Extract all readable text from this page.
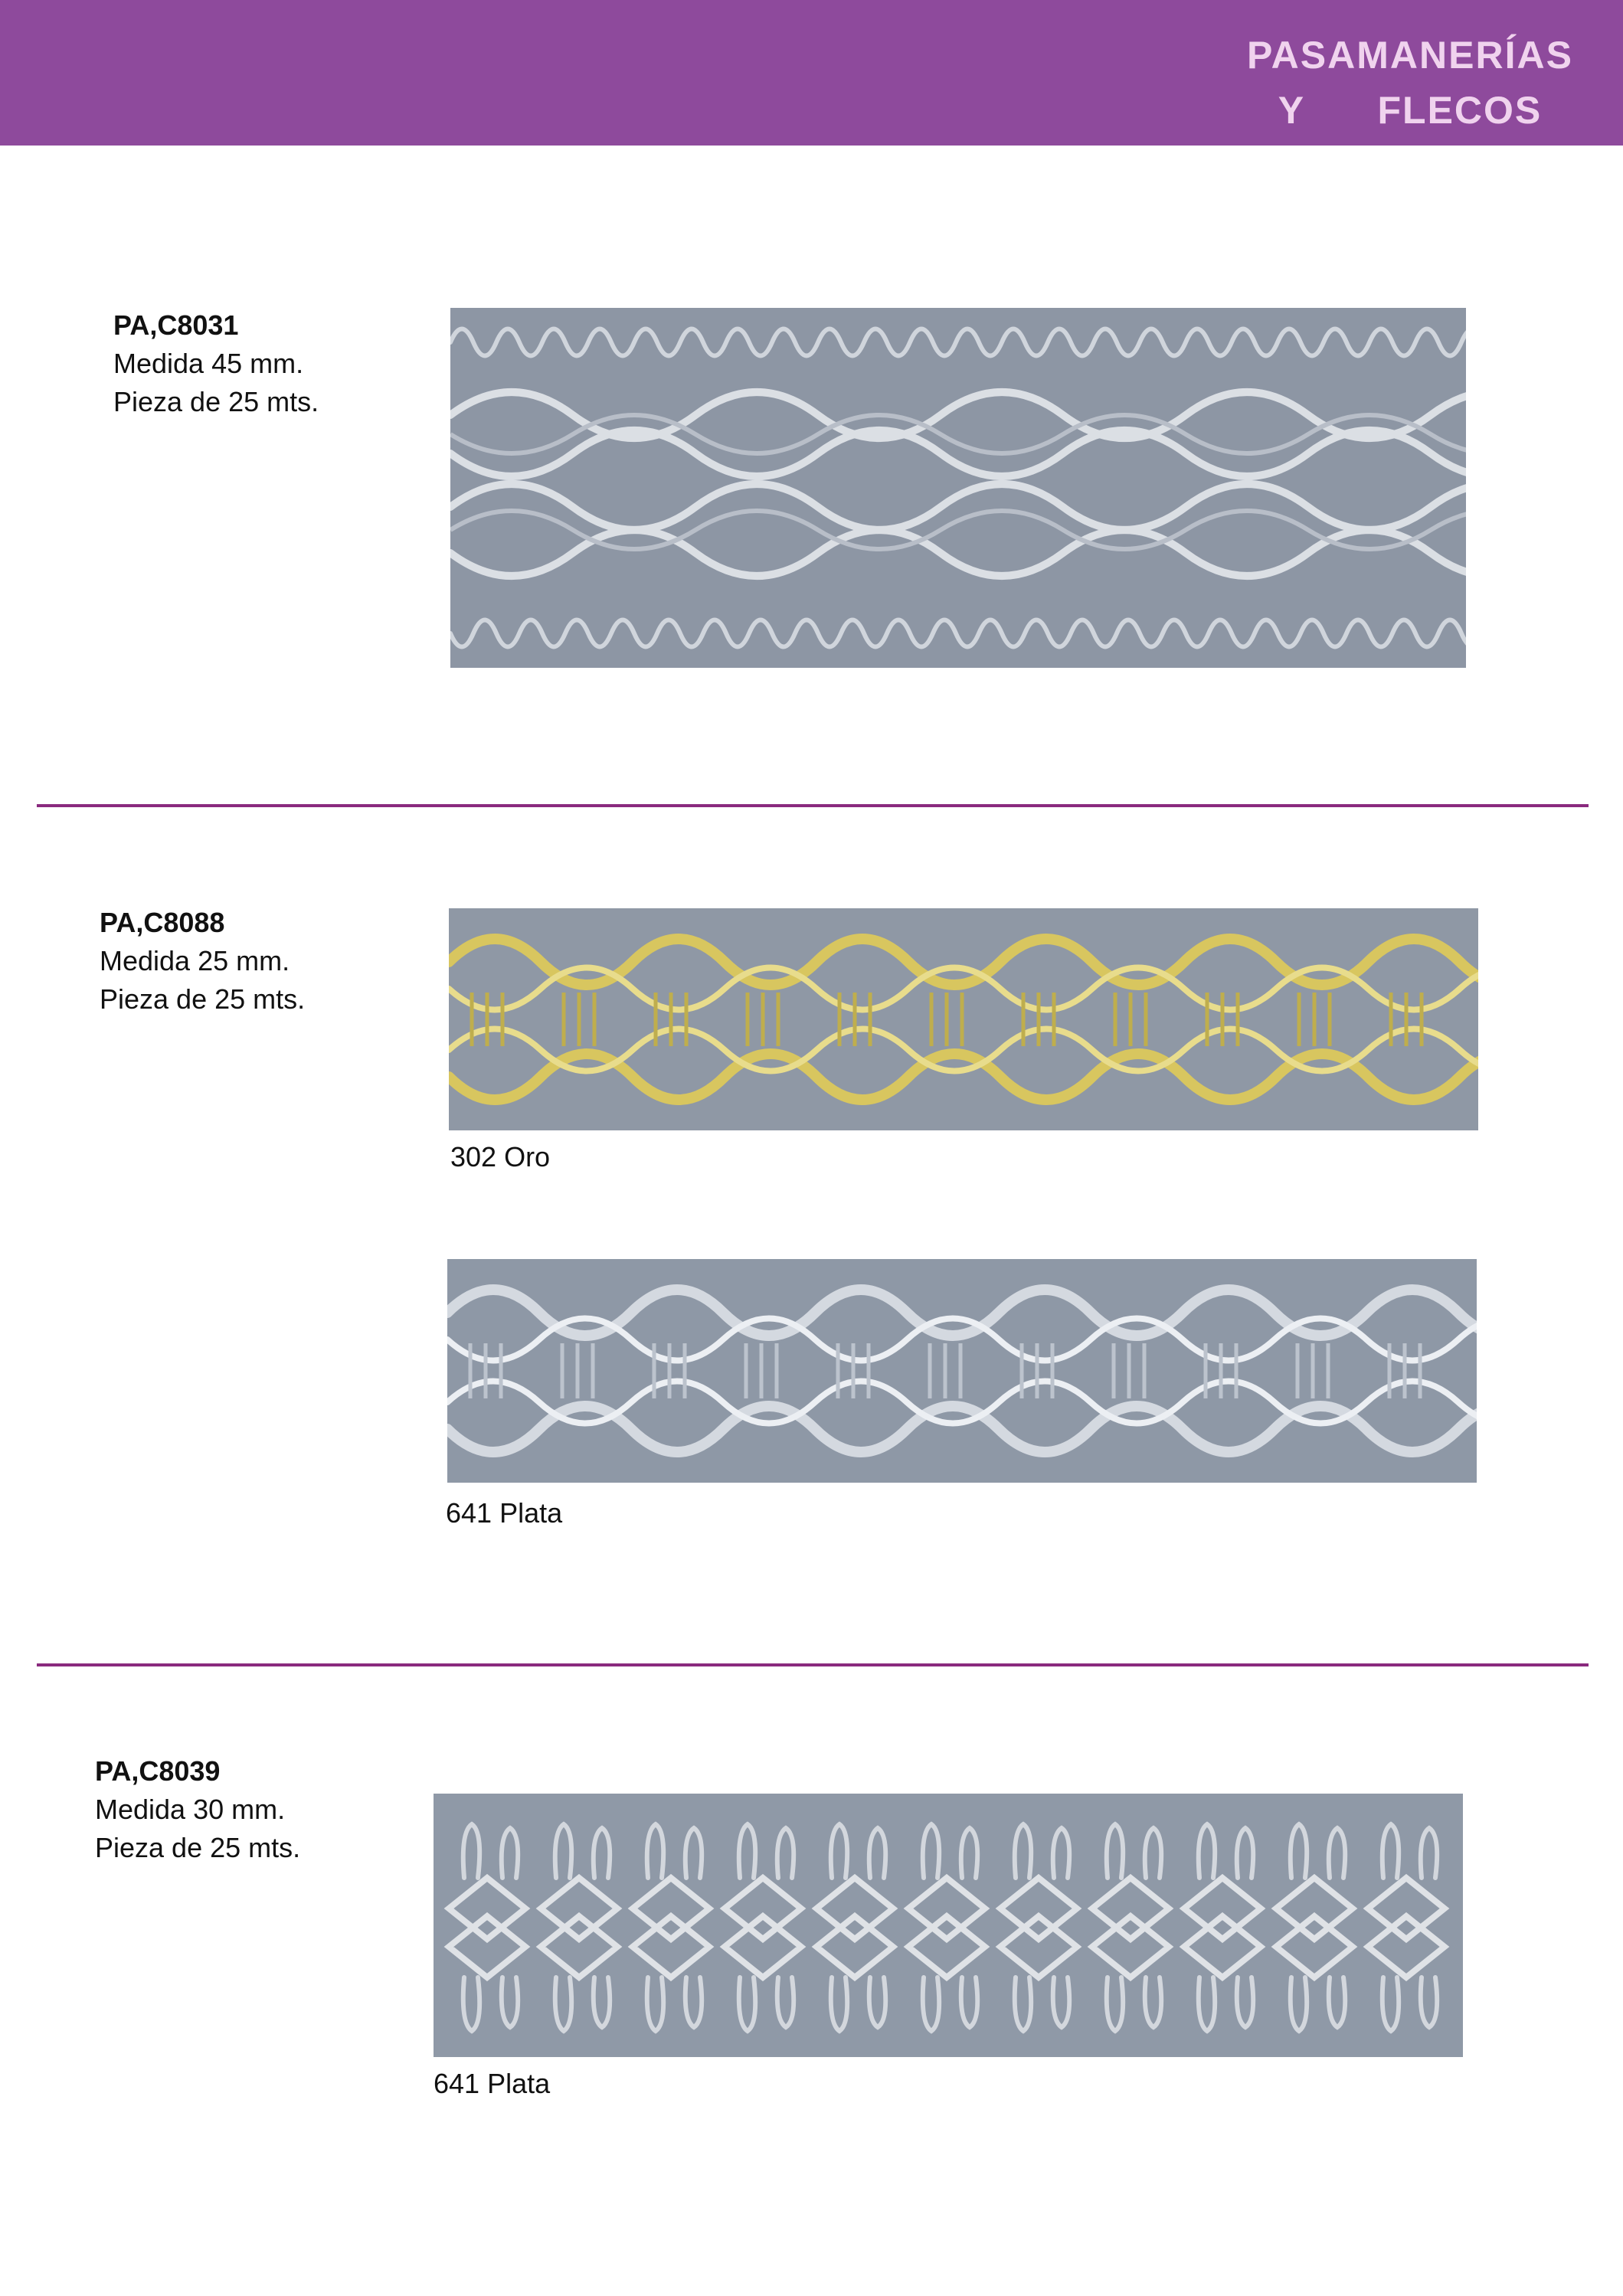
PASAMANERÍAS
Y      FLECOS
PA,C8031
Medida 45 mm.
Pieza de 25 mts.
PA,C8088
Medida 25 mm.
Pieza de 25 mts.
302 Oro
641 Plata
PA,C8039
Medida 30 mm.
Pieza de 25 mts.
641 Plata
